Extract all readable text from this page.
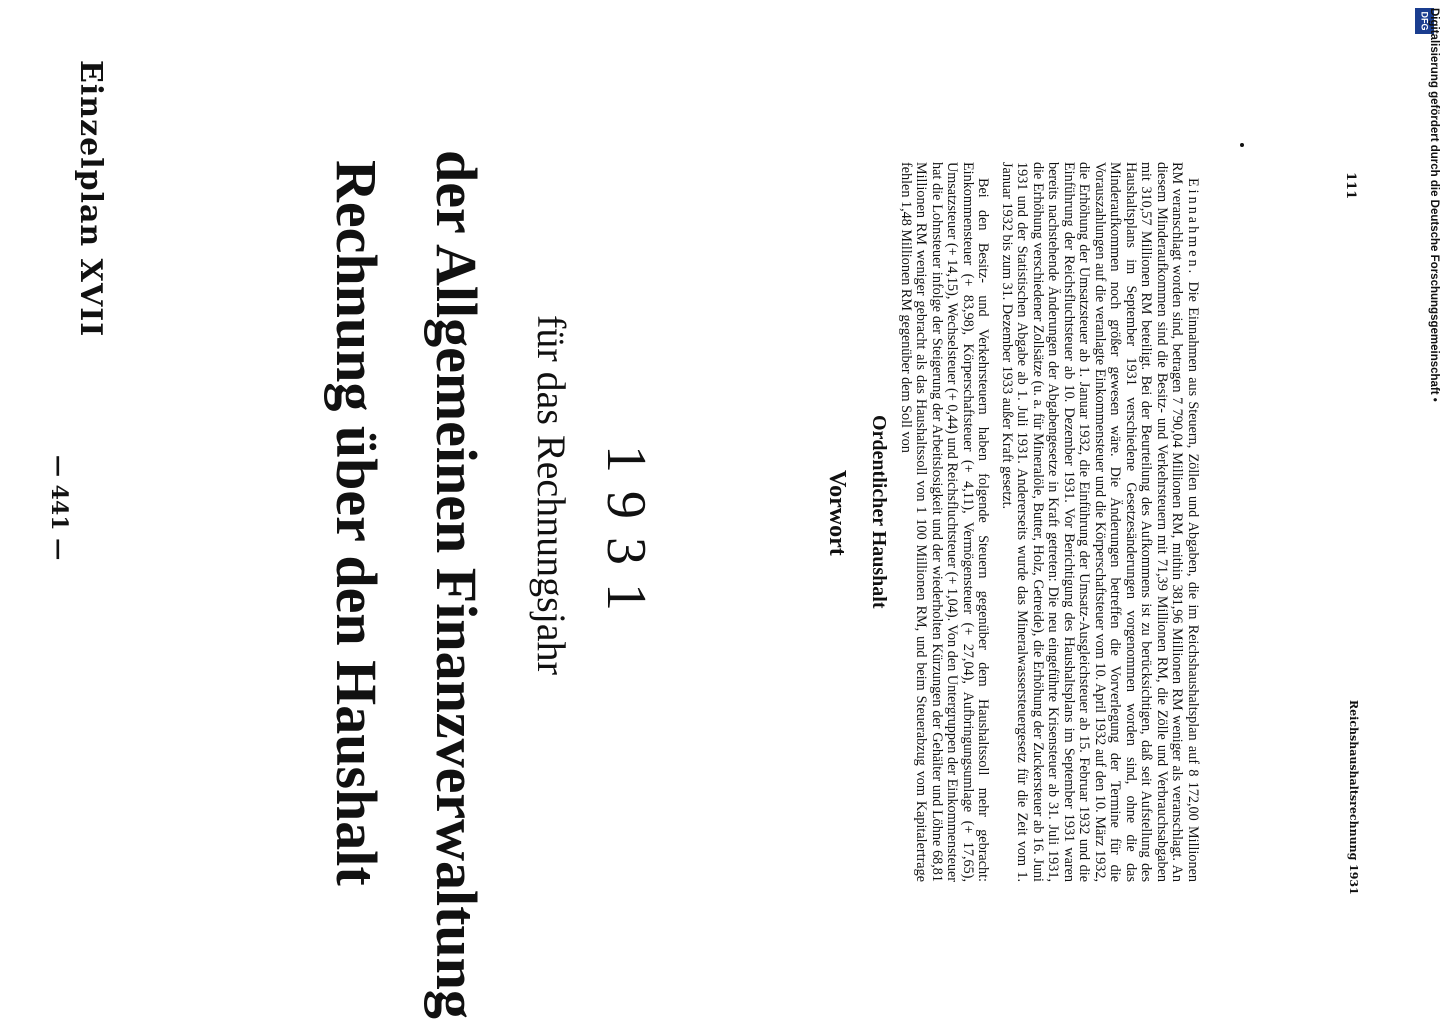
— 441 —
Einzelplan XVII	Rechnung über den Haushalt der Allgemeinen Finanzverwaltung für das Rechnungsjahr 1931	Vorwort Ordentlicher Haushalt

Einnahmen. Die Einnahmen aus Steuern, Zöllen und Abgaben, die im Reichshaushaltsplan auf 8 172,00 Millionen RM veranschlagt worden sind, betragen 7 790,04 Millionen RM, mithin 381,96 Millionen RM weniger als veranschlagt. An diesem Minderaufkommen sind die Besitz- und Verkehrsteuern mit 71,39 Millionen RM, die Zölle und Verbrauchsabgaben mit 310,57 Millionen RM beteiligt. Bei der Beurteilung des Aufkommens ist zu berücksichtigen, daß seit Aufstellung des Haushaltsplans im September 1931 verschiedene Gesetzesänderungen vorgenommen worden sind, ohne die das Minderaufkommen noch größer gewesen wäre. Die Änderungen betreffen die Vorverlegung der Termine für die Vorauszahlungen auf die veranlagte Einkommensteuer und die Körperschaftsteuer vom 10. April 1932 auf den 10. März 1932, die Erhöhung der Umsatzsteuer ab 1. Januar 1932, die Einführung der Umsatz-Ausgleichsteuer ab 15. Februar 1932 und die Einführung der Reichsfluchtsteuer ab 10. Dezember 1931. Vor Berichtigung des Haushaltsplans im September 1931 waren bereits nachstehende Änderungen der Abgabengesetze in Kraft getreten: Die neu eingeführte Krisensteuer ab 31. Juli 1931, die Erhöhung verschiedener Zollsätze (u. a. für Mineralöle, Butter, Holz, Getreide), die Erhöhung der Zuckersteuer ab 16. Juni 1931 und der Statistischen Abgabe ab 1. Juli 1931. Andererseits wurde das Mineralwassersteuergesetz für die Zeit vom 1. Januar 1932 bis zum 31. Dezember 1933 außer Kraft gesetzt.

Bei den Besitz- und Verkehrsteuern haben folgende Steuern gegenüber dem Haushaltssoll mehr gebracht: Einkommensteuer (+ 83,98), Körperschaftsteuer (+ 4,11), Vermögensteuer (+ 27,04), Aufbringungsumlage (+ 17,65), Umsatzsteuer (+ 14,15), Wechselsteuer (+ 0,44) und Reichsfluchtsteuer (+ 1,04). Von den Untergruppen der Einkommensteuer hat die Lohnsteuer infolge der Steigerung der Arbeitslosigkeit und der wiederholten Kürzungen der Gehälter und Löhne 68,81 Millionen RM weniger gebracht als das Haushaltssoll von 1 100 Millionen RM, und beim Steuerabzug vom Kapitalertrage fehlen 1,48 Millionen RM gegenüber dem Soll von	111
Reichshaushaltsrechnung 1931
DFG
Digitalisierung gefördert durch die Deutsche Forschungsgemeinschaft •
